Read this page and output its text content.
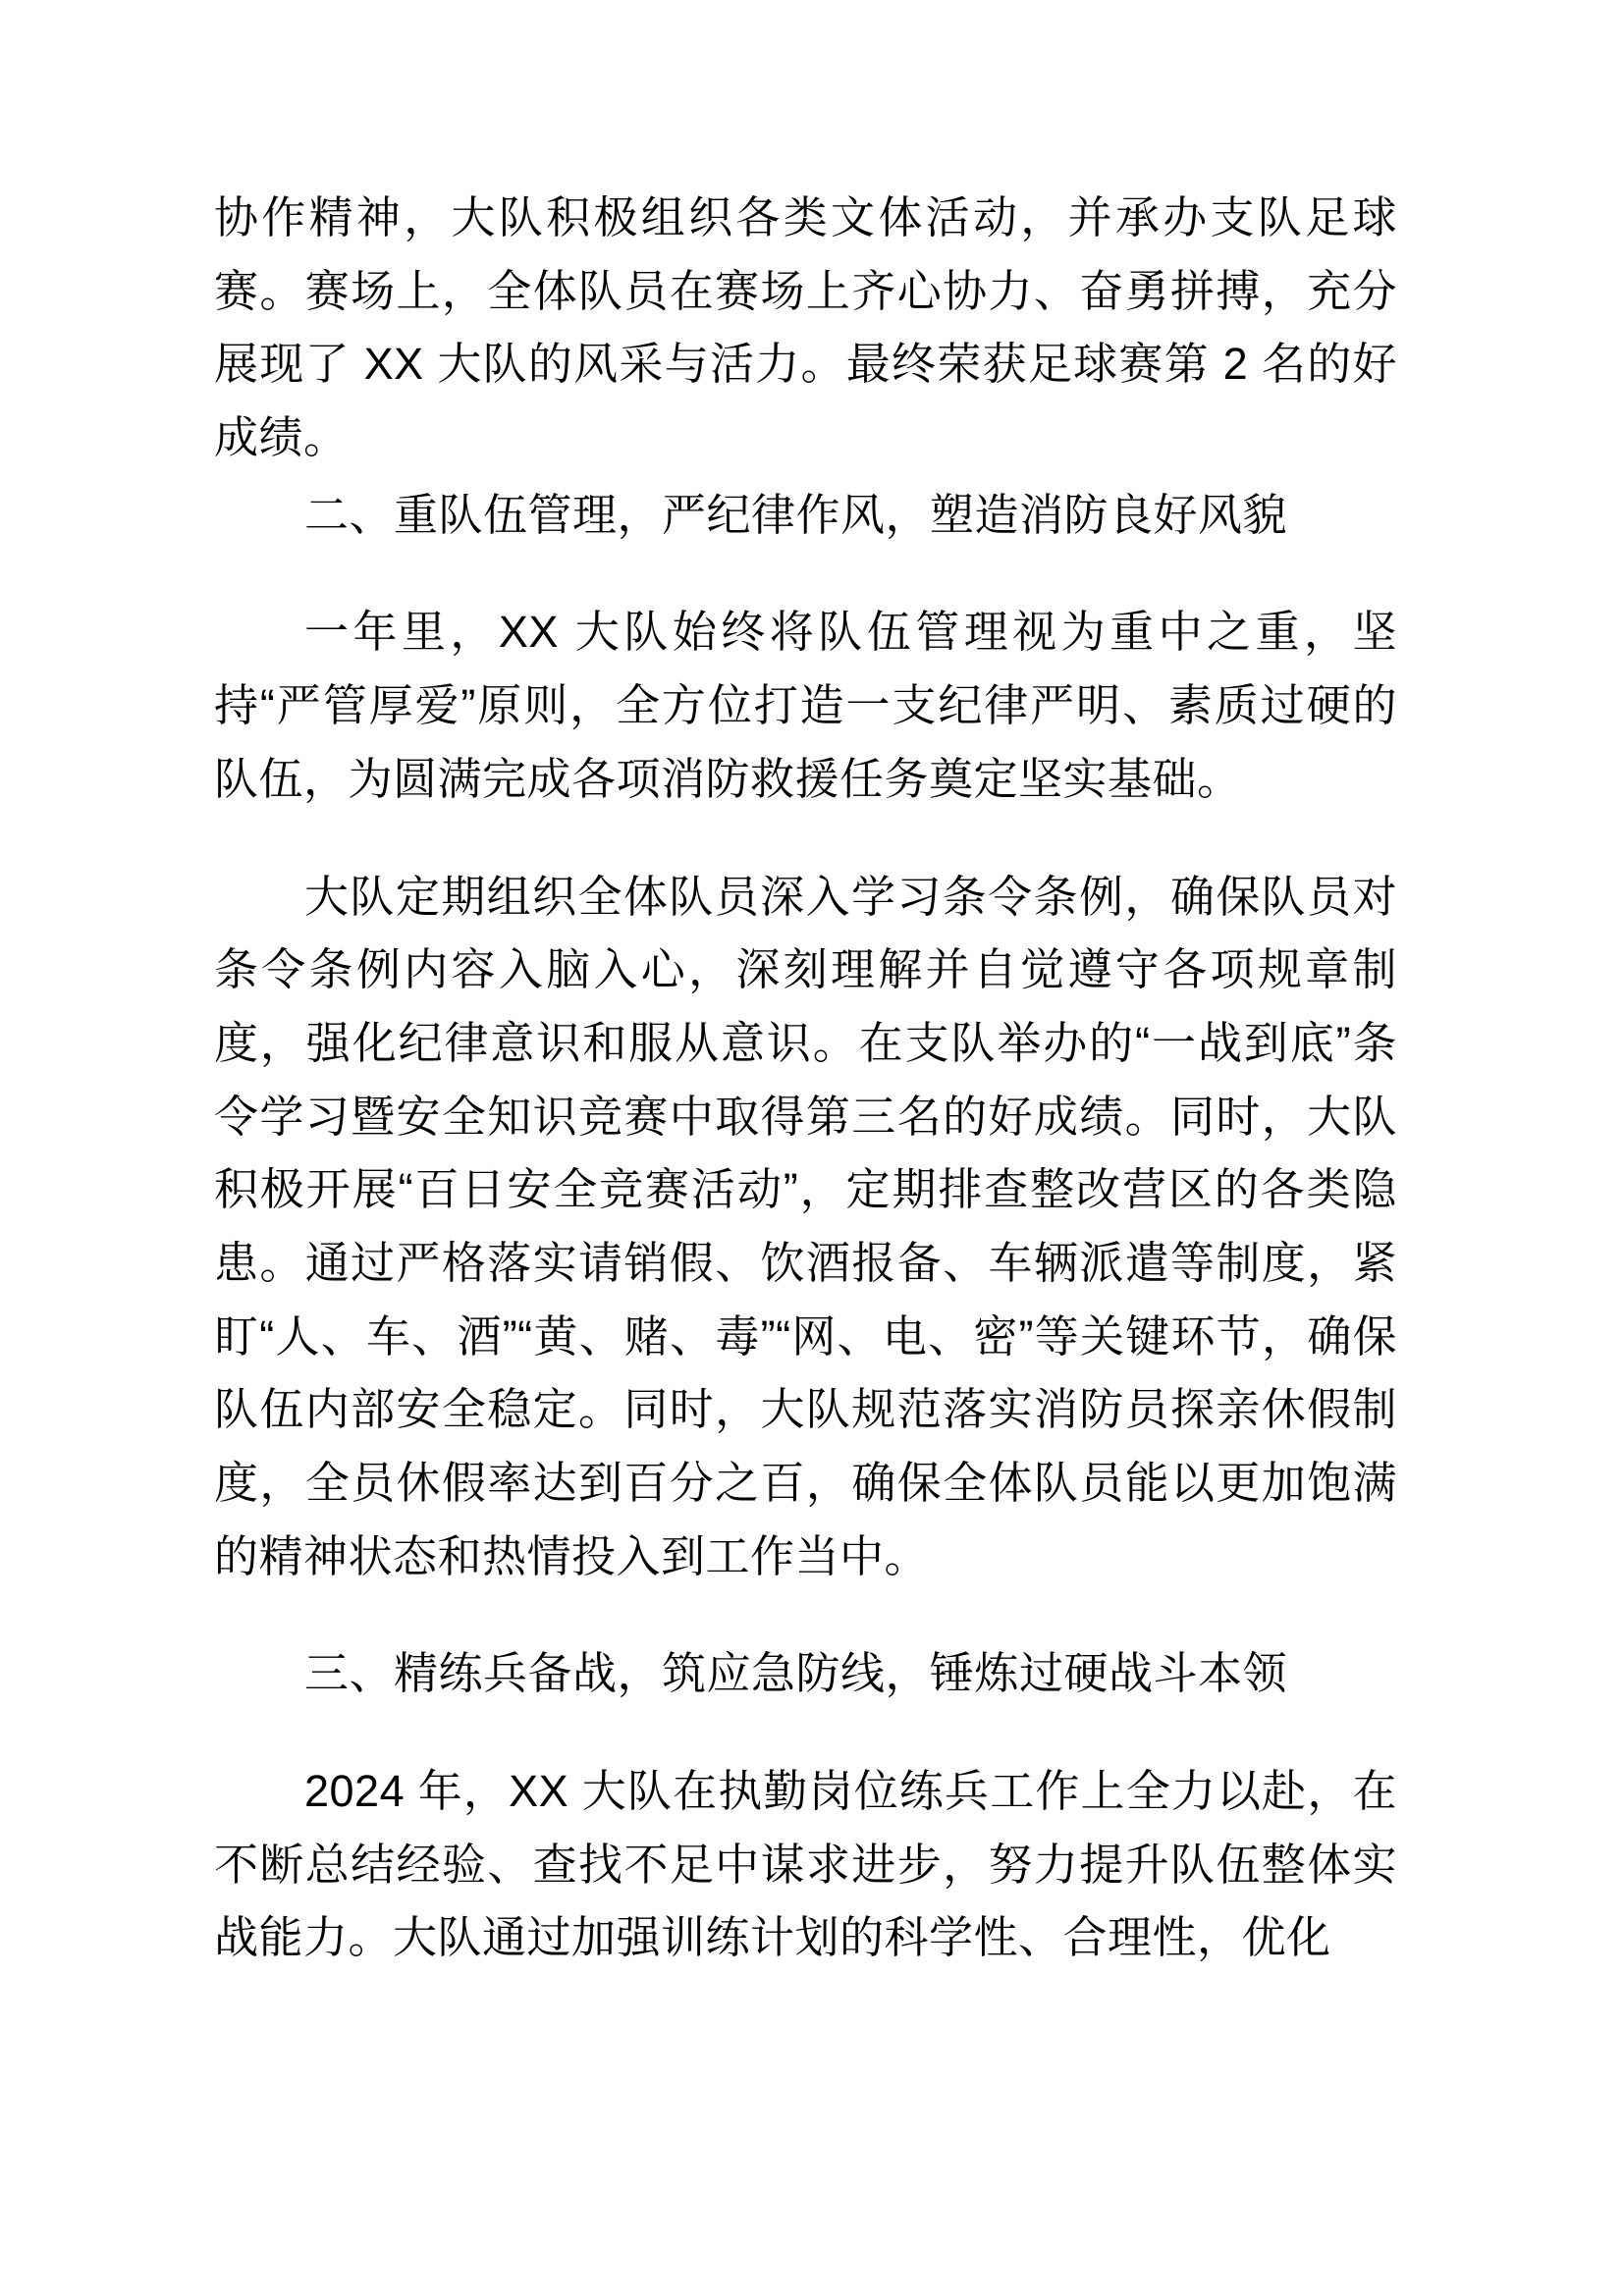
协作精神，大队积极组织各类文体活动，并承办支队足球赛。赛场上，全体队员在赛场上齐心协力、奋勇拼搏，充分展现了 XX 大队的风采与活力。最终荣获足球赛第 2 名的好成绩。

二、重队伍管理，严纪律作风，塑造消防良好风貌

一年里，XX 大队始终将队伍管理视为重中之重，坚持“严管厚爱”原则，全方位打造一支纪律严明、素质过硬的队伍，为圆满完成各项消防救援任务奠定坚实基础。

大队定期组织全体队员深入学习条令条例，确保队员对条令条例内容入脑入心，深刻理解并自觉遵守各项规章制度，强化纪律意识和服从意识。在支队举办的“一战到底”条令学习暨安全知识竞赛中取得第三名的好成绩。同时，大队积极开展“百日安全竞赛活动”，定期排查整改营区的各类隐患。通过严格落实请销假、饮酒报备、车辆派遣等制度，紧盯“人、车、酒”“黄、赌、毒”“网、电、密”等关键环节，确保队伍内部安全稳定。同时，大队规范落实消防员探亲休假制度，全员休假率达到百分之百，确保全体队员能以更加饱满的精神状态和热情投入到工作当中。

三、精练兵备战，筑应急防线，锤炼过硬战斗本领

2024 年，XX 大队在执勤岗位练兵工作上全力以赴，在不断总结经验、查找不足中谋求进步，努力提升队伍整体实战能力。大队通过加强训练计划的科学性、合理性，优化
